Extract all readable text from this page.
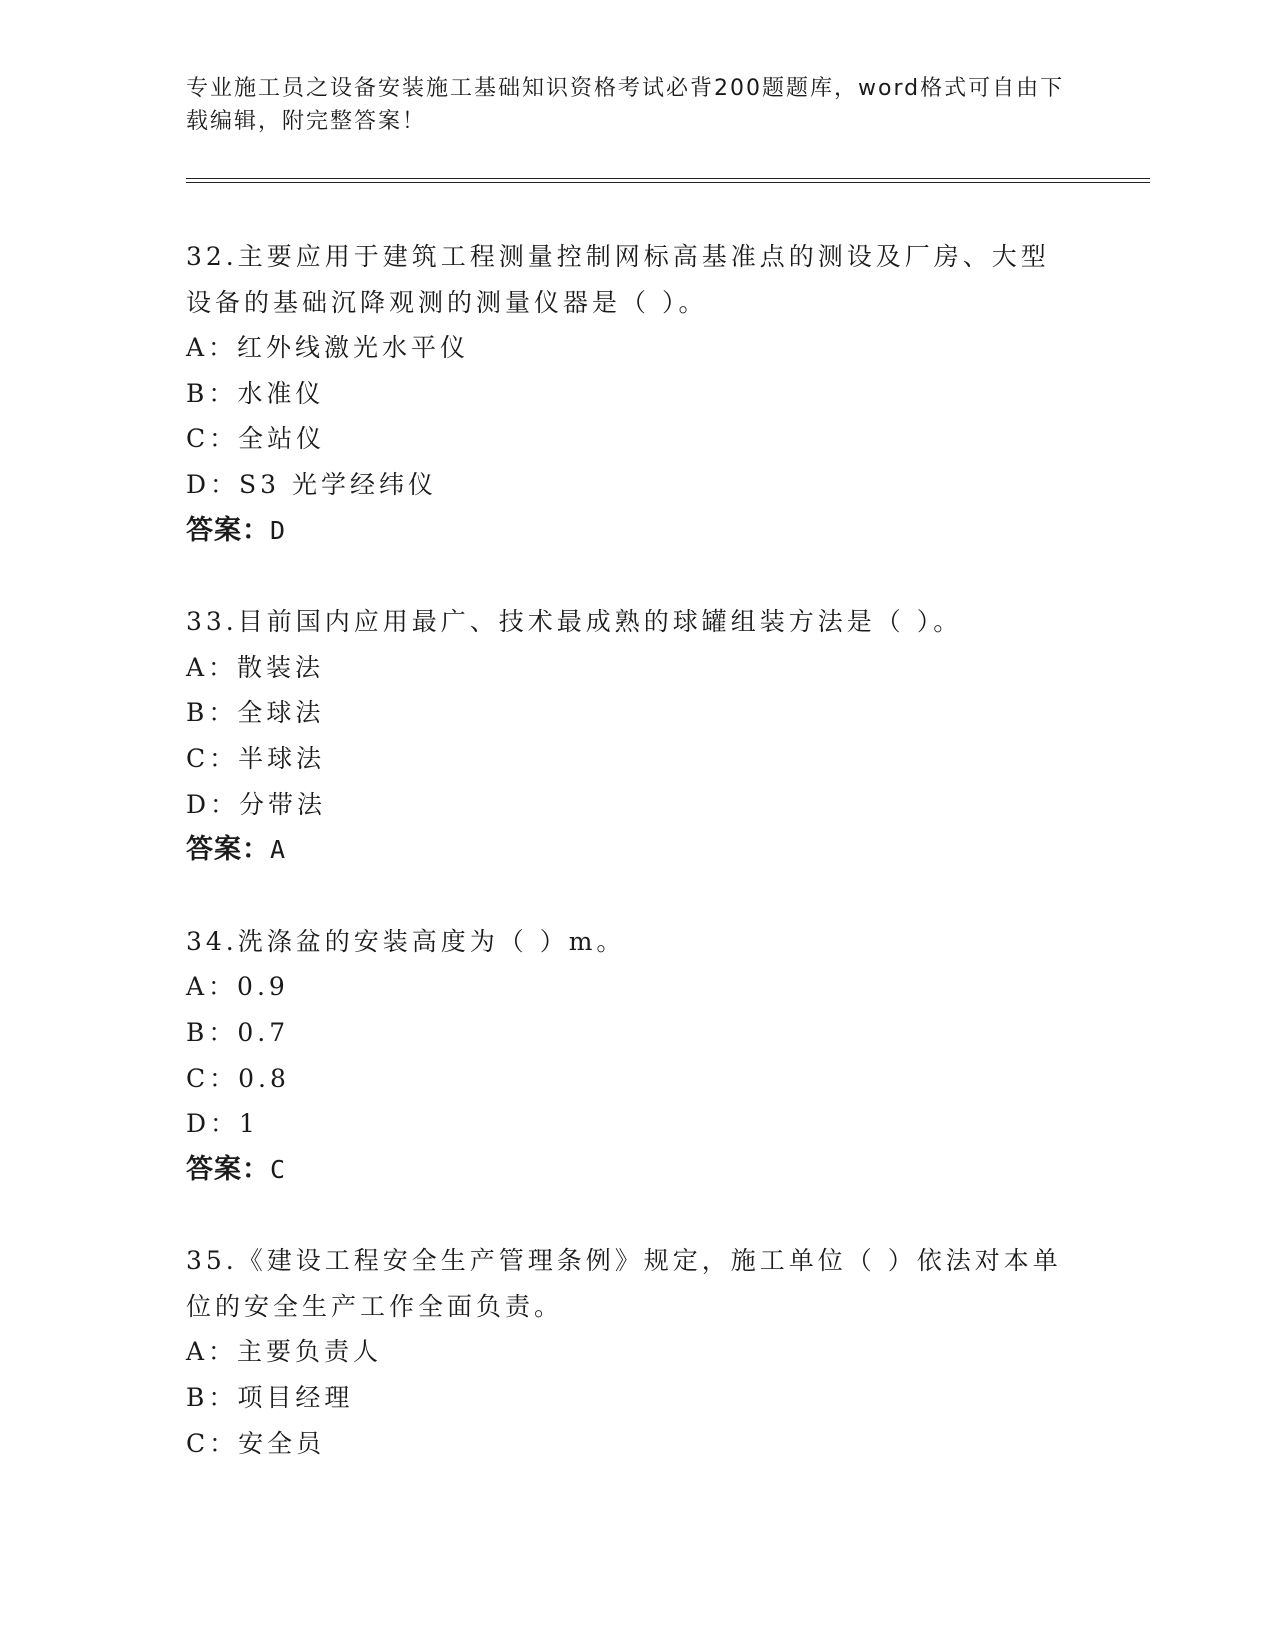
专业施工员之设备安装施工基础知识资格考试必背200题题库，word格式可自由下载编辑，附完整答案！
32.主要应用于建筑工程测量控制网标高基准点的测设及厂房、大型设备的基础沉降观测的测量仪器是（ ）。
A：红外线激光水平仪
B：水准仪
C：全站仪
D：S3 光学经纬仪
答案：D
33.目前国内应用最广、技术最成熟的球罐组装方法是（ ）。
A：散装法
B：全球法
C：半球法
D：分带法
答案：A
34.洗涤盆的安装高度为（ ）m。
A：0.9
B：0.7
C：0.8
D：1
答案：C
35.《建设工程安全生产管理条例》规定，施工单位（ ）依法对本单位的安全生产工作全面负责。
A：主要负责人
B：项目经理
C：安全员
